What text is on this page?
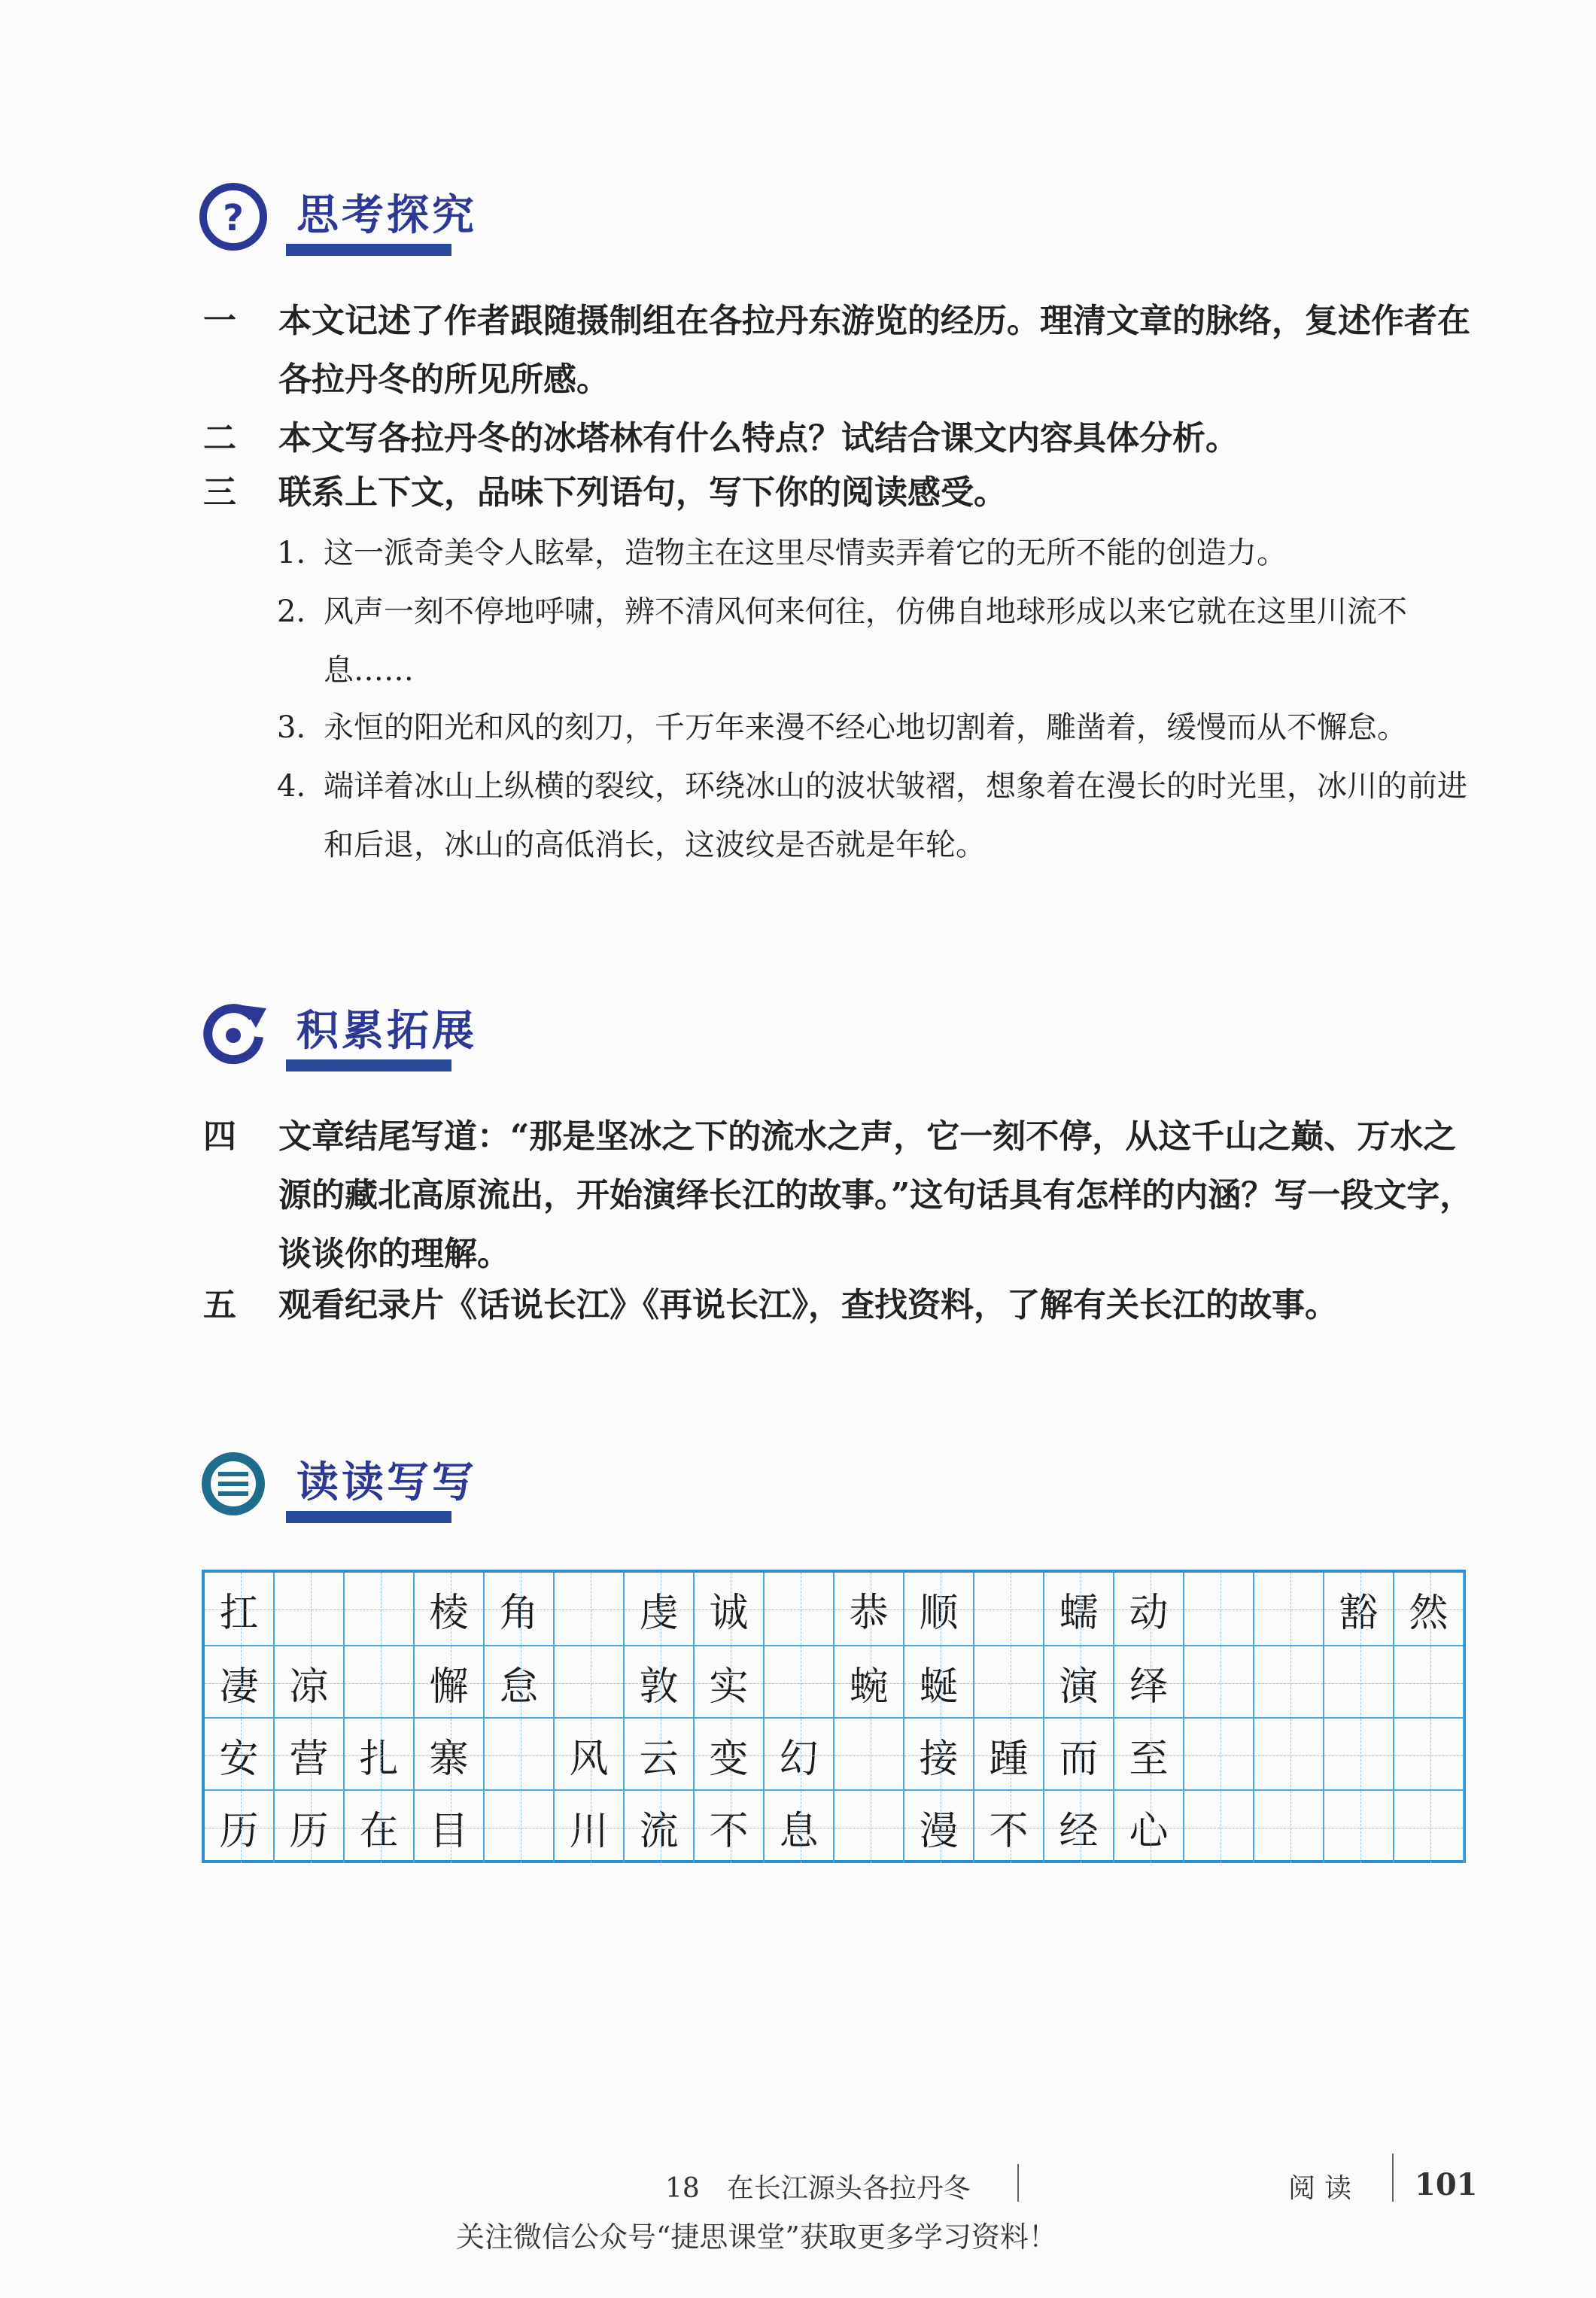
? 思考探究
一	本文记述了作者跟随摄制组在各拉丹东游览的经历。理清文章的脉络，复述作者在各拉丹冬的所见所感。
二	本文写各拉丹冬的冰塔林有什么特点？试结合课文内容具体分析。
三	联系上下文，品味下列语句，写下你的阅读感受。
1. 这一派奇美令人眩晕，造物主在这里尽情卖弄着它的无所不能的创造力。
2. 风声一刻不停地呼啸，辨不清风何来何往，仿佛自地球形成以来它就在这里川流不息……
3. 永恒的阳光和风的刻刀，千万年来漫不经心地切割着，雕凿着，缓慢而从不懈怠。
4. 端详着冰山上纵横的裂纹，环绕冰山的波状皱褶，想象着在漫长的时光里，冰川的前进和后退，冰山的高低消长，这波纹是否就是年轮。
积累拓展
四	文章结尾写道：“那是坚冰之下的流水之声，它一刻不停，从这千山之巅、万水之源的藏北高原流出，开始演绎长江的故事。”这句话具有怎样的内涵？写一段文字，谈谈你的理解。
五	观看纪录片《话说长江》《再说长江》，查找资料，了解有关长江的故事。
读读写写
扛	棱 角	虔 诚	恭 顺	蠕 动	豁 然
凄 凉	懈 怠	敦 实	蜿 蜒	演 绎
安 营 扎 寨	风 云 变 幻	接 踵 而 至
历 历 在 目	川 流 不 息	漫 不 经 心
18　在长江源头各拉丹冬	阅读 101
关注微信公众号“捷思课堂”获取更多学习资料！
